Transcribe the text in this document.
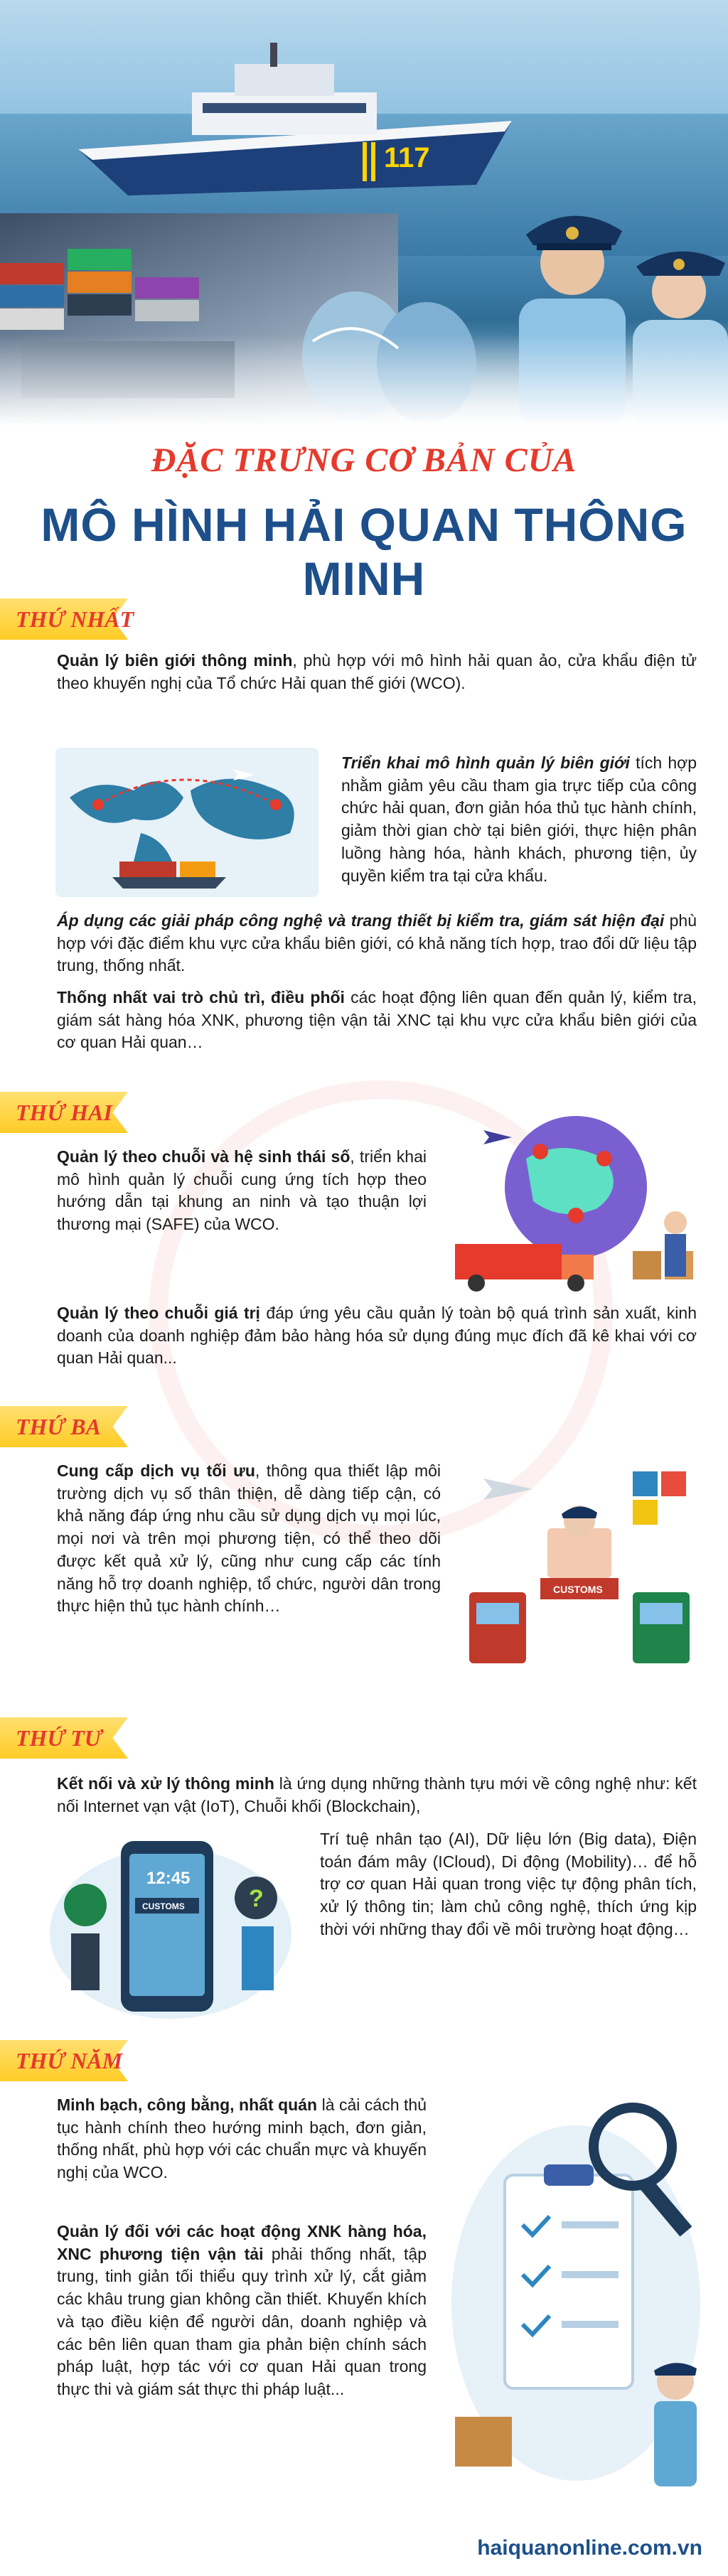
117
ĐẶC TRƯNG CƠ BẢN CỦA
MÔ HÌNH HẢI QUAN THÔNG MINH
THỨ NHẤT
Quản lý biên giới thông minh, phù hợp với mô hình hải quan ảo, cửa khẩu điện tử theo khuyến nghị của Tổ chức Hải quan thế giới (WCO).
Triển khai mô hình quản lý biên giới tích hợp nhằm giảm yêu cầu tham gia trực tiếp của công chức hải quan, đơn giản hóa thủ tục hành chính, giảm thời gian chờ tại biên giới, thực hiện phân luồng hàng hóa, hành khách, phương tiện, ủy quyền kiểm tra tại cửa khẩu.
Áp dụng các giải pháp công nghệ và trang thiết bị kiểm tra, giám sát hiện đại phù hợp với đặc điểm khu vực cửa khẩu biên giới, có khả năng tích hợp, trao đổi dữ liệu tập trung, thống nhất.
Thống nhất vai trò chủ trì, điều phối các hoạt động liên quan đến quản lý, kiểm tra, giám sát hàng hóa XNK, phương tiện vận tải XNC tại khu vực cửa khẩu biên giới của cơ quan Hải quan…
THỨ HAI
Quản lý theo chuỗi và hệ sinh thái số, triển khai mô hình quản lý chuỗi cung ứng tích hợp theo hướng dẫn tại khung an ninh và tạo thuận lợi thương mại (SAFE) của WCO.
Quản lý theo chuỗi giá trị đáp ứng yêu cầu quản lý toàn bộ quá trình sản xuất, kinh doanh của doanh nghiệp đảm bảo hàng hóa sử dụng đúng mục đích đã kê khai với cơ quan Hải quan...
THỨ BA
Cung cấp dịch vụ tối ưu, thông qua thiết lập môi trường dịch vụ số thân thiện, dễ dàng tiếp cận, có khả năng đáp ứng nhu cầu sử dụng dịch vụ mọi lúc, mọi nơi và trên mọi phương tiện, có thể theo dõi được kết quả xử lý, cũng như cung cấp các tính năng hỗ trợ doanh nghiệp, tổ chức, người dân trong thực hiện thủ tục hành chính…
CUSTOMS
THỨ TƯ
Kết nối và xử lý thông minh là ứng dụng những thành tựu mới về công nghệ như: kết nối Internet vạn vật (IoT), Chuỗi khối (Blockchain),
12:45
CUSTOMS	?
Trí tuệ nhân tạo (AI), Dữ liệu lớn (Big data), Điện toán đám mây (ICloud), Di động (Mobility)… để hỗ trợ cơ quan Hải quan trong việc tự động phân tích, xử lý thông tin; làm chủ công nghệ, thích ứng kịp thời với những thay đổi về môi trường hoạt động…
THỨ NĂM
Minh bạch, công bằng, nhất quán là cải cách thủ tục hành chính theo hướng minh bạch, đơn giản, thống nhất, phù hợp với các chuẩn mực và khuyến nghị của WCO.
Quản lý đối với các hoạt động XNK hàng hóa, XNC phương tiện vận tải phải thống nhất, tập trung, tinh giản tối thiểu quy trình xử lý, cắt giảm các khâu trung gian không cần thiết. Khuyến khích và tạo điều kiện để người dân, doanh nghiệp và các bên liên quan tham gia phản biện chính sách pháp luật, hợp tác với cơ quan Hải quan trong thực thi và giám sát thực thi pháp luật...
haiquanonline.com.vn
